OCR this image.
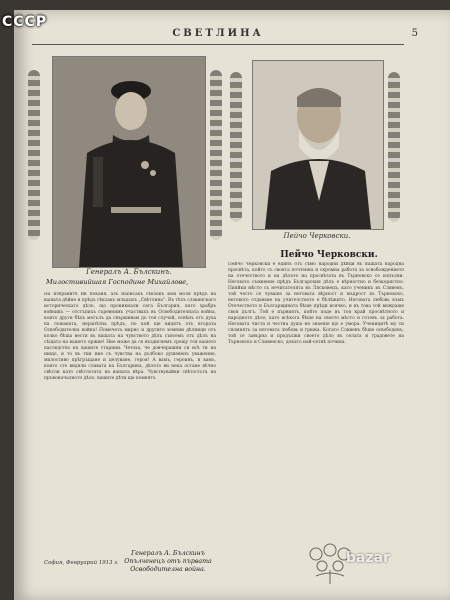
СВЕТЛИНА	5
Генералъ А. Бълскинъ.
Пейчо Черковски.
Милостивийшая Господине Михайлове,
На избранитѣ Ви поканя, азъ написахъ сѣкзакъ мои моля прѣдъ на вашата дѣйне и прѣдъ сѣкзакъ младыхъ „Свѣтлина“. Въ тѣхъ славянскаго историческаго дѣло, що проникнали сега България, като храбръ войникъ — отстъпихъ съревнимъ участвахъ въ Освободителната война, които други бѣхъ могълъ да свършивам до тоя случай, освѣнъ отъ духа на лошавата, нерапѣтна прѣдъ, по кой ще видятъ отъ втората Освободителна война! Помечета мирно и другите земнии дѣлници отъ колко бѣша вести въ вашата на чувството дѣлъ съвсемъ отъ дѣлъ на сѣщата на вашето оржие! Ние може да се въздигнемъ срещу тоя вашето наследство на вашите старини. Четоха, че довчерашни си всѣ ти на нищо, и то въ тия ние съ чувства на дълбоко душевенъ уважение, милостиво прѣгръщане и целуване, героя! А вамъ, героинъ, и вамъ, които сте видяли славата на Българина, дѣлото ви нека остане вѣчно свѣтли като свѣтлотата на вашата вѣра. Чувствувайки свѣтостьта на пръвоначалното дѣло, вашите дѣти ще помнятъ
София, Февруарий 1913 г.
Генералъ А. Бълскинъ
Опълченецъ отъ първата Освободителна война.
Пейчо Черковски.
Пейчо Черковски е единъ отъ сѣмо народни дѣйци въ нашата народна просвѣта, който съ своята почтенна и скромна работа за освобождението на отечеството и на дѣлото на просвѣтата въ Търновско се изпълни. Неговото съмнение прѣдъ Българския дѣлъ е вѣрностно и безкористно. Пияйки мѣсто съ нечитателята въ Лясковецъ, като ученикъ въ Сливенъ, той често се чуваше за неговата вѣрност и мъдрост въ Търновско, неговото отдаване на учителството е бѣлѣжито. Неговата любовь къмъ Отечеството и Българщината бѣше прѣди всичко, и въ това той виждаше своя дългъ. Той е първиятъ, който поде въ тоя край просвѣтното и народното дѣло, като всѣкога бѣше на своето мѣсто и готовъ за работа. Неговата чиста и честна душа не знаеше що е умора. Ученицитѣ му си спомнятъ за неговата любовь и грижа. Когато Сливенъ бѣше освободенъ, той се завърна и продължи своето дѣло въ селата и градовете на Търновско и Сливенско, докато най-сетнѣ почина.
CCCP
bazar
